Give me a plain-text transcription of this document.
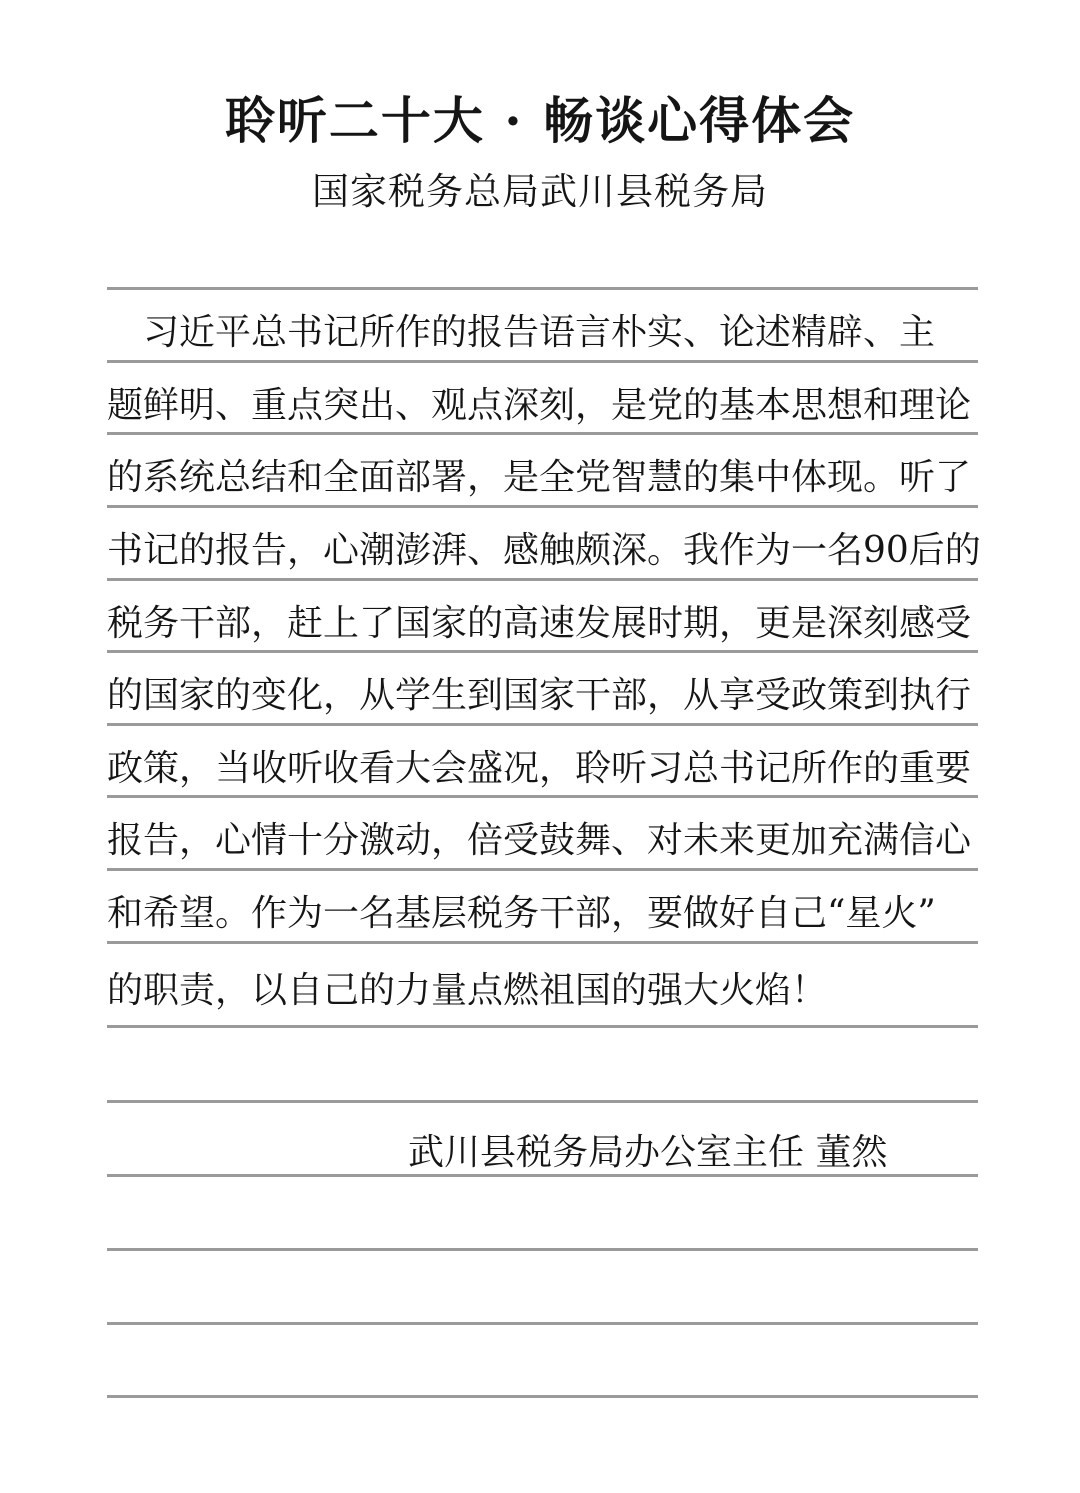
聆听二十大 · 畅谈心得体会
国家税务总局武川县税务局
　习近平总书记所作的报告语言朴实、论述精辟、主
题鲜明、重点突出、观点深刻，是党的基本思想和理论
的系统总结和全面部署，是全党智慧的集中体现。听了
书记的报告，心潮澎湃、感触颇深。我作为一名90后的
税务干部，赶上了国家的高速发展时期，更是深刻感受
的国家的变化，从学生到国家干部，从享受政策到执行
政策，当收听收看大会盛况，聆听习总书记所作的重要
报告，心情十分激动，倍受鼓舞、对未来更加充满信心
和希望。作为一名基层税务干部，要做好自己“星火”
的职责，以自己的力量点燃祖国的强大火焰！
武川县税务局办公室主任 董然
